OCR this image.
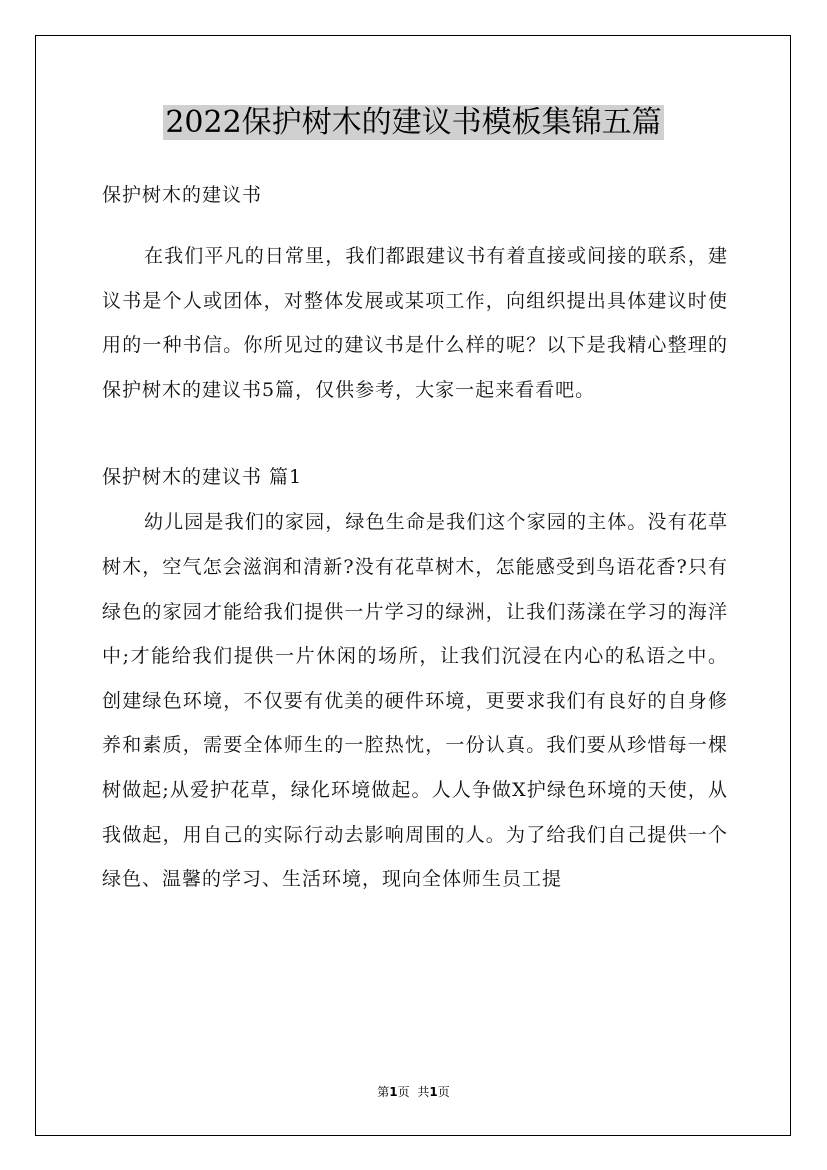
2022保护树木的建议书模板集锦五篇

保护树木的建议书

在我们平凡的日常里，我们都跟建议书有着直接或间接的联系，建议书是个人或团体，对整体发展或某项工作，向组织提出具体建议时使用的一种书信。你所见过的建议书是什么样的呢？以下是我精心整理的保护树木的建议书5篇，仅供参考，大家一起来看看吧。

保护树木的建议书 篇1

幼儿园是我们的家园，绿色生命是我们这个家园的主体。没有花草树木，空气怎会滋润和清新?没有花草树木，怎能感受到鸟语花香?只有绿色的家园才能给我们提供一片学习的绿洲，让我们荡漾在学习的海洋中;才能给我们提供一片休闲的场所，让我们沉浸在内心的私语之中。创建绿色环境，不仅要有优美的硬件环境，更要求我们有良好的自身修养和素质，需要全体师生的一腔热忱，一份认真。我们要从珍惜每一棵树做起;从爱护花草，绿化环境做起。人人争做X护绿色环境的天使，从我做起，用自己的实际行动去影响周围的人。为了给我们自己提供一个绿色、温馨的学习、生活环境，现向全体师生员工提

第1页 共1页
